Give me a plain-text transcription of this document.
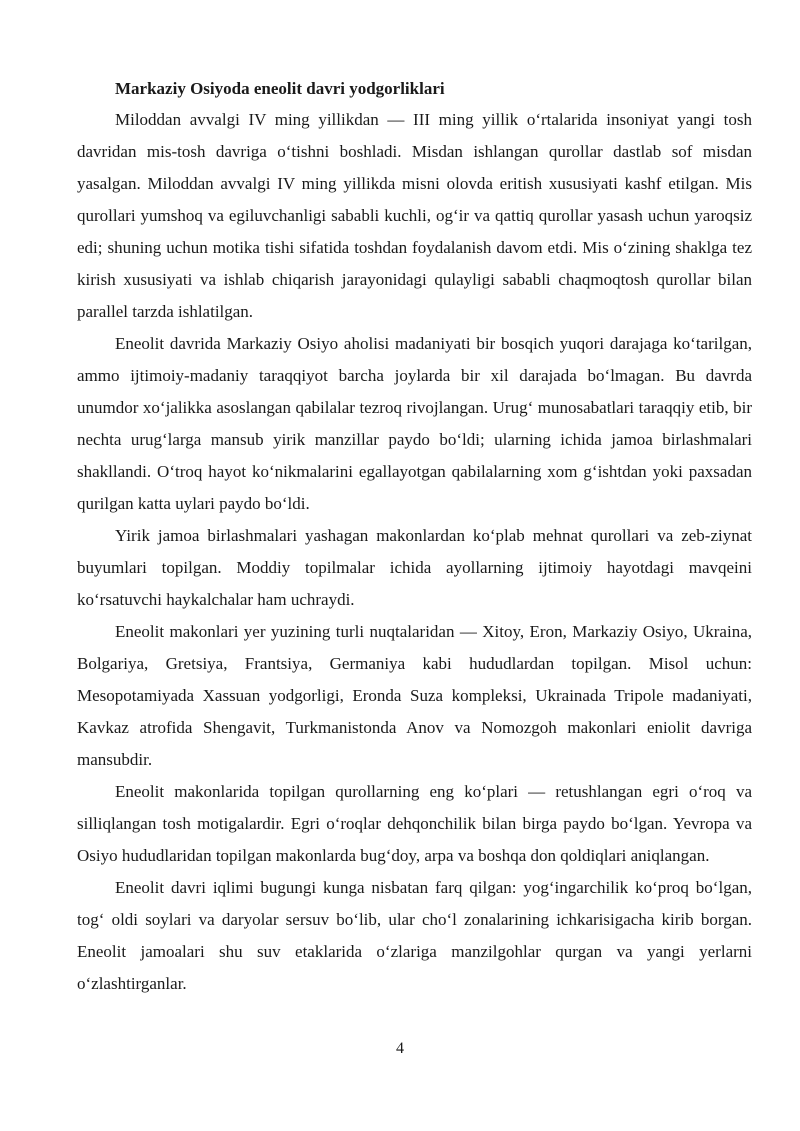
Markaziy Osiyoda eneolit davri yodgorliklari

Miloddan avvalgi IV ming yillikdan — III ming yillik o‘rtalarida insoniyat yangi tosh davridan mis-tosh davriga o‘tishni boshladi. Misdan ishlangan qurollar dastlab sof misdan yasalgan. Miloddan avvalgi IV ming yillikda misni olovda eritish xususiyati kashf etilgan. Mis qurollari yumshoq va egiluvchanligi sababli kuchli, og‘ir va qattiq qurollar yasash uchun yaroqsiz edi; shuning uchun motika tishi sifatida toshdan foydalanish davom etdi. Mis o‘zining shaklga tez kirish xususiyati va ishlab chiqarish jarayonidagi qulayligi sababli chaqmoqtosh qurollar bilan parallel tarzda ishlatilgan.

Eneolit davrida Markaziy Osiyo aholisi madaniyati bir bosqich yuqori darajaga ko‘tarilgan, ammo ijtimoiy-madaniy taraqqiyot barcha joylarda bir xil darajada bo‘lmagan. Bu davrda unumdor xo‘jalikka asoslangan qabilalar tezroq rivojlangan. Urug‘ munosabatlari taraqqiy etib, bir nechta urug‘larga mansub yirik manzillar paydo bo‘ldi; ularning ichida jamoa birlashmalari shakllandi. O‘troq hayot ko‘nikmalarini egallayotgan qabilalarning xom g‘ishtdan yoki paxsadan qurilgan katta uylari paydo bo‘ldi.

Yirik jamoa birlashmalari yashagan makonlardan ko‘plab mehnat qurollari va zeb-ziynat buyumlari topilgan. Moddiy topilmalar ichida ayollarning ijtimoiy hayotdagi mavqeini ko‘rsatuvchi haykalchalar ham uchraydi.

Eneolit makonlari yer yuzining turli nuqtalaridan — Xitoy, Eron, Markaziy Osiyo, Ukraina, Bolgariya, Gretsiya, Frantsiya, Germaniya kabi hududlardan topilgan. Misol uchun: Mesopotamiyada Xassuan yodgorligi, Eronda Suza kompleksi, Ukrainada Tripole madaniyati, Kavkaz atrofida Shengavit, Turkmanistonda Anov va Nomozgoh makonlari eniolit davriga mansubdir.

Eneolit makonlarida topilgan qurollarning eng ko‘plari — retushlangan egri o‘roq va silliqlangan tosh motigalardir. Egri o‘roqlar dehqonchilik bilan birga paydo bo‘lgan. Yevropa va Osiyo hududlaridan topilgan makonlarda bug‘doy, arpa va boshqa don qoldiqlari aniqlangan.

Eneolit davri iqlimi bugungi kunga nisbatan farq qilgan: yog‘ingarchilik ko‘proq bo‘lgan, tog‘ oldi soylari va daryolar sersuv bo‘lib, ular cho‘l zonalarining ichkarisigacha kirib borgan. Eneolit jamoalari shu suv etaklarida o‘zlariga manzilgohlar qurgan va yangi yerlarni o‘zlashtirganlar.

4
